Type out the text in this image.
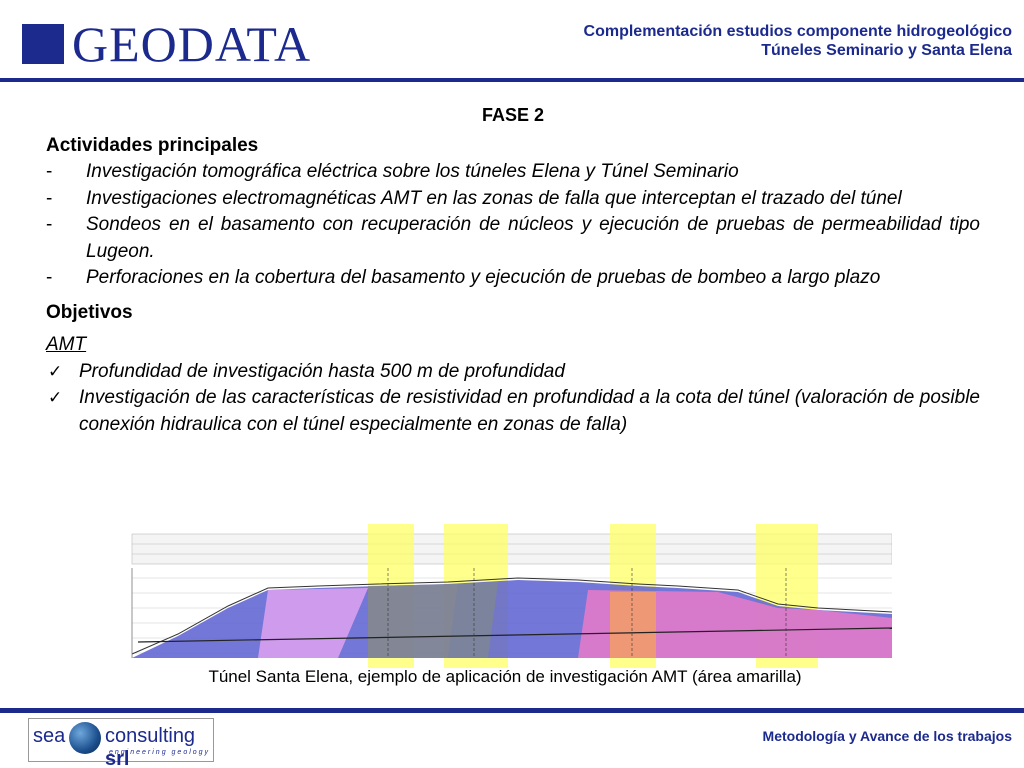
GEODATA	Complementación estudios componente hidrogeológico
Túneles Seminario y Santa Elena
FASE 2
Actividades principales
- Investigación tomográfica eléctrica sobre los túneles Elena y Túnel Seminario
- Investigaciones electromagnéticas AMT en las zonas de falla que interceptan el trazado del túnel
- Sondeos en el basamento con recuperación de núcleos y ejecución de pruebas de permeabilidad tipo Lugeon.
- Perforaciones en la cobertura del basamento y ejecución de pruebas de bombeo a largo plazo
Objetivos
AMT
✓ Profundidad de investigación hasta 500 m de profundidad
✓ Investigación de las características de resistividad en profundidad a la cota del túnel (valoración de posible conexión hidraulica con el túnel especialmente en zonas de falla)
Túnel Santa Elena, ejemplo de aplicación de investigación AMT (área amarilla)
sea consulting srl
engineering geology
Metodología y Avance de los trabajos
